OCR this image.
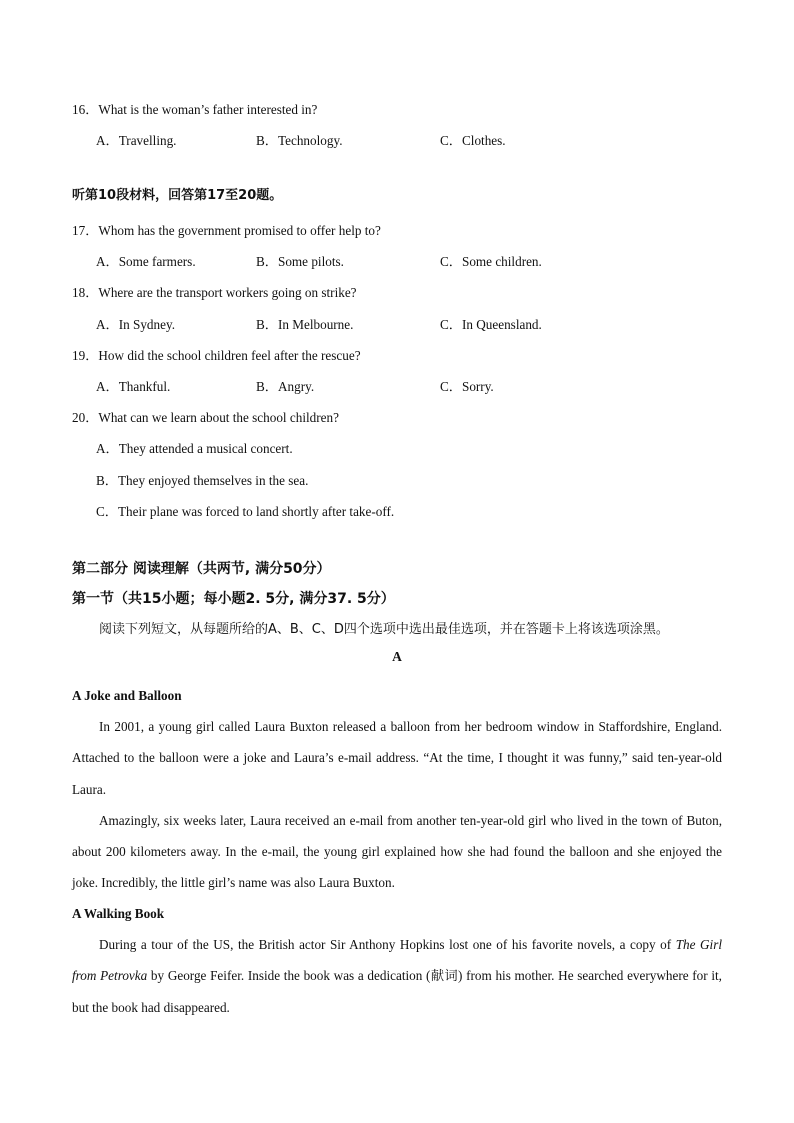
16．What is the woman’s father interested in?
A．Travelling.	B．Technology.	C．Clothes.
听第10段材料，回答第17至20题。
17．Whom has the government promised to offer help to?
A．Some farmers.	B．Some pilots.	C．Some children.
18．Where are the transport workers going on strike?
A．In Sydney.	B．In Melbourne.	C．In Queensland.
19．How did the school children feel after the rescue?
A．Thankful.	B．Angry.	C．Sorry.
20．What can we learn about the school children?
A．They attended a musical concert.
B．They enjoyed themselves in the sea.
C．Their plane was forced to land shortly after take-off.
第二部分 阅读理解（共两节, 满分50分）
第一节（共15小题；每小题2. 5分, 满分37. 5分）
阅读下列短文，从每题所给的A、B、C、D四个选项中选出最佳选项，并在答题卡上将该选项涂黑。
A
A Joke and Balloon

In 2001, a young girl called Laura Buxton released a balloon from her bedroom window in Staffordshire, England. Attached to the balloon were a joke and Laura’s e-mail address. “At the time, I thought it was funny,” said ten-year-old Laura.

Amazingly, six weeks later, Laura received an e-mail from another ten-year-old girl who lived in the town of Buton, about 200 kilometers away. In the e-mail, the young girl explained how she had found the balloon and she enjoyed the joke. Incredibly, the little girl’s name was also Laura Buxton.

A Walking Book

During a tour of the US, the British actor Sir Anthony Hopkins lost one of his favorite novels, a copy of The Girl from Petrovka by George Feifer. Inside the book was a dedication (献词) from his mother. He searched everywhere for it, but the book had disappeared.
